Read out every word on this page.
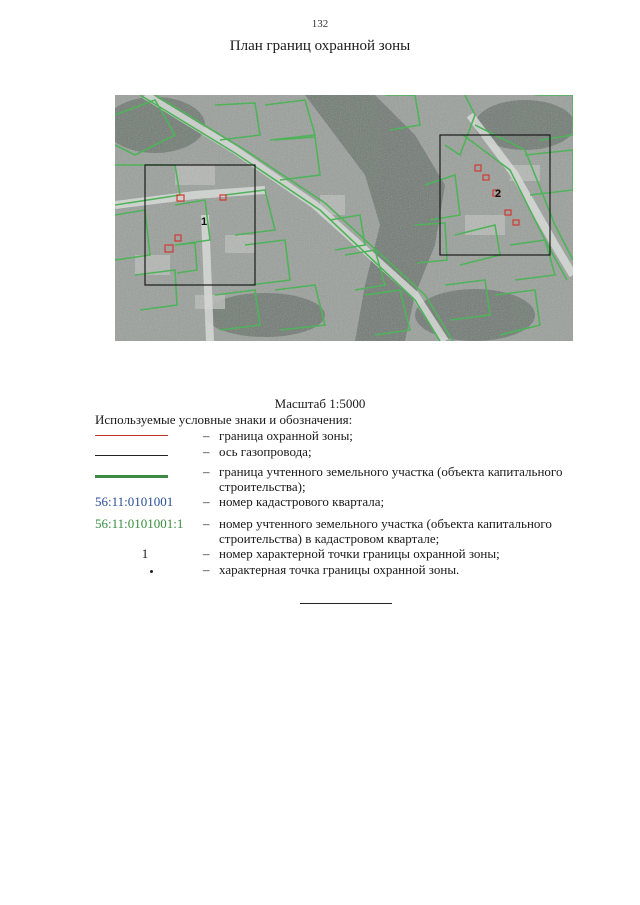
132
План границ охранной зоны
1
2
Масштаб 1:5000
Используемые условные знаки и обозначения:
– граница охранной зоны;
– ось газопровода;
– граница учтенного земельного участка (объекта капитального строительства);
56:11:0101001 – номер кадастрового квартала;
56:11:0101001:1	– номер учтенного земельного участка (объекта капитального строительства) в кадастровом квартале;
1	– номер характерной точки границы охранной зоны;
– характерная точка границы охранной зоны.
